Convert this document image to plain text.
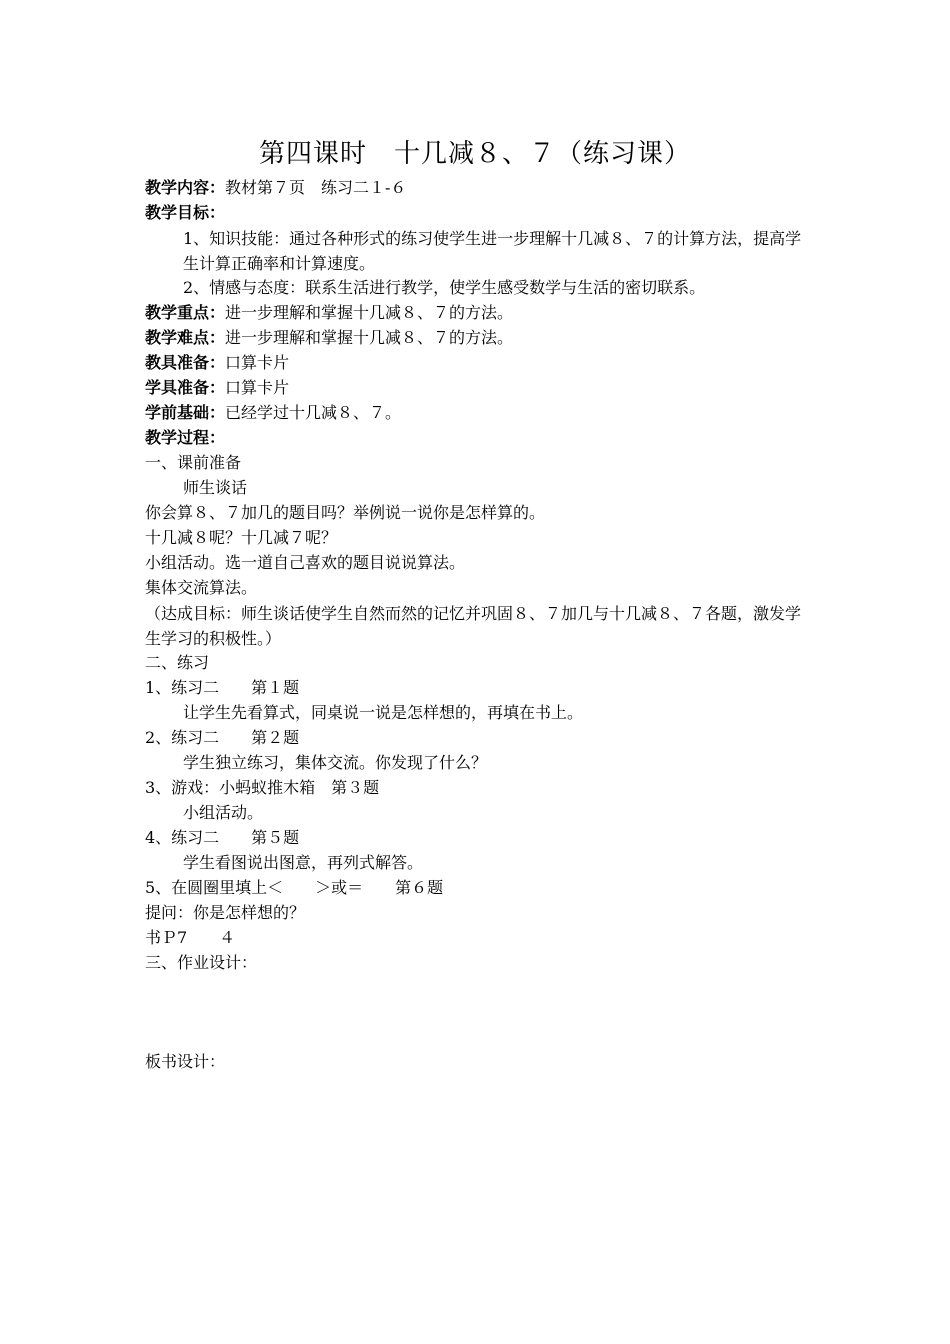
第四课时　十几减８、７（练习课）
教学内容：教材第７页　练习二１-６
教学目标：
1、知识技能：通过各种形式的练习使学生进一步理解十几减８、７的计算方法，提高学生计算正确率和计算速度。
2、情感与态度：联系生活进行教学，使学生感受数学与生活的密切联系。
教学重点：进一步理解和掌握十几减８、７的方法。
教学难点：进一步理解和掌握十几减８、７的方法。
教具准备：口算卡片
学具准备：口算卡片
学前基础：已经学过十几减８、７。
教学过程：
一、课前准备
师生谈话
你会算８、７加几的题目吗？举例说一说你是怎样算的。
十几减８呢？十几减７呢？
小组活动。选一道自己喜欢的题目说说算法。
集体交流算法。
（达成目标：师生谈话使学生自然而然的记忆并巩固８、７加几与十几减８、７各题，激发学生学习的积极性。）
二、练习
1、练习二　　第１题
让学生先看算式，同桌说一说是怎样想的，再填在书上。
2、练习二　　第２题
学生独立练习，集体交流。你发现了什么？
3、游戏：小蚂蚁推木箱　第３题
小组活动。
4、练习二　　第５题
学生看图说出图意，再列式解答。
5、在圆圈里填上＜　　＞或＝　　第６题
提问：你是怎样想的？
书Ｐ7　　４
三、作业设计：
板书设计：
